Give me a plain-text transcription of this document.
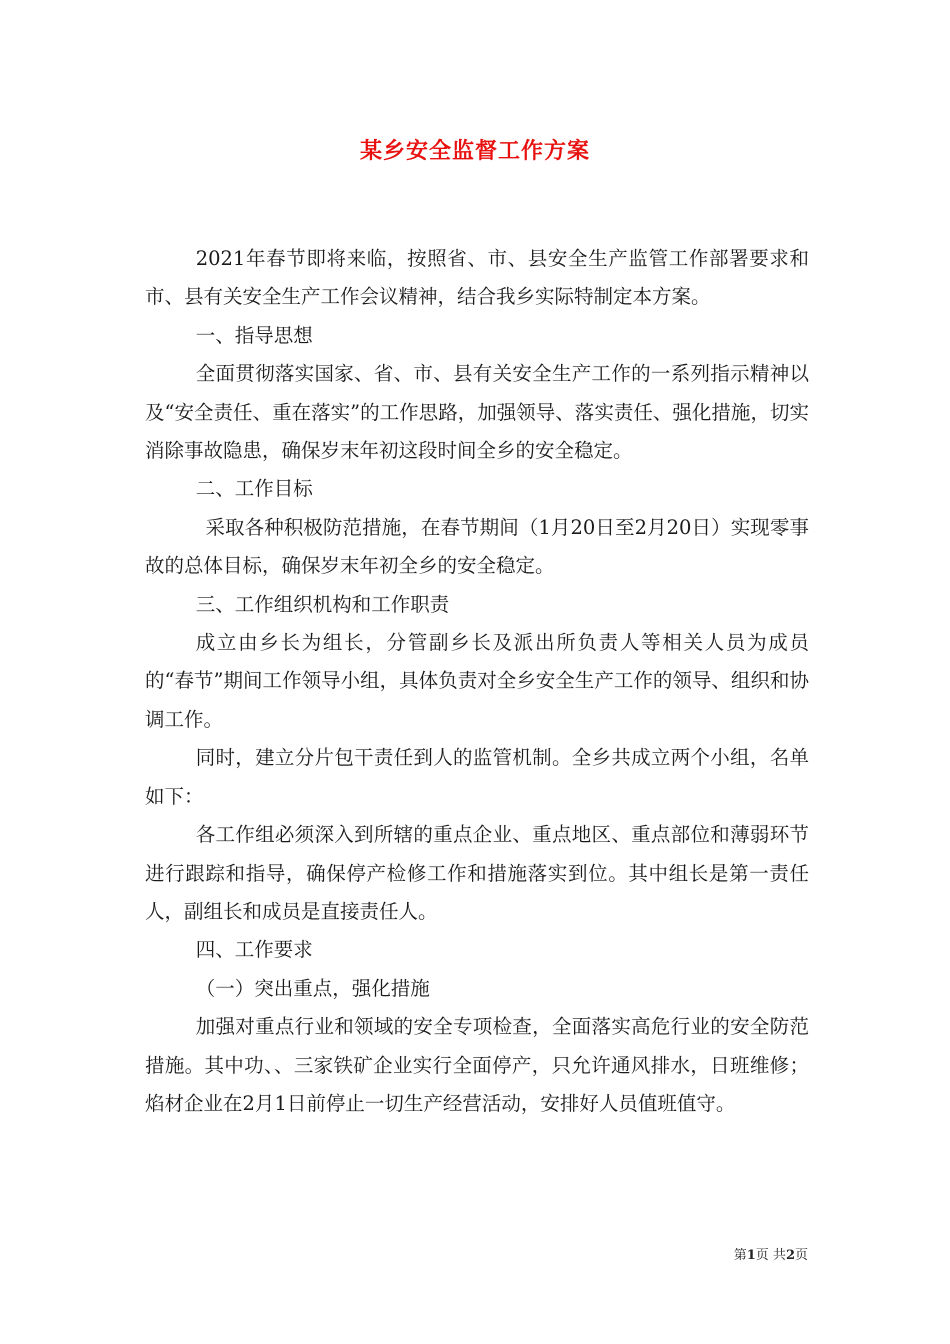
某乡安全监督工作方案

2021年春节即将来临，按照省、市、县安全生产监管工作部署要求和市、县有关安全生产工作会议精神，结合我乡实际特制定本方案。

一、指导思想

全面贯彻落实国家、省、市、县有关安全生产工作的一系列指示精神以及“安全责任、重在落实”的工作思路，加强领导、落实责任、强化措施，切实消除事故隐患，确保岁末年初这段时间全乡的安全稳定。

二、工作目标

采取各种积极防范措施，在春节期间（1月20日至2月20日）实现零事故的总体目标，确保岁末年初全乡的安全稳定。

三、工作组织机构和工作职责

成立由乡长为组长，分管副乡长及派出所负责人等相关人员为成员的“春节”期间工作领导小组，具体负责对全乡安全生产工作的领导、组织和协调工作。

同时，建立分片包干责任到人的监管机制。全乡共成立两个小组，名单如下：

各工作组必须深入到所辖的重点企业、重点地区、重点部位和薄弱环节进行跟踪和指导，确保停产检修工作和措施落实到位。其中组长是第一责任人，副组长和成员是直接责任人。

四、工作要求

（一）突出重点，强化措施

加强对重点行业和领域的安全专项检查，全面落实高危行业的安全防范措施。其中功、、三家铁矿企业实行全面停产，只允许通风排水，日班维修；焰材企业在2月1日前停止一切生产经营活动，安排好人员值班值守。

第1页 共2页
